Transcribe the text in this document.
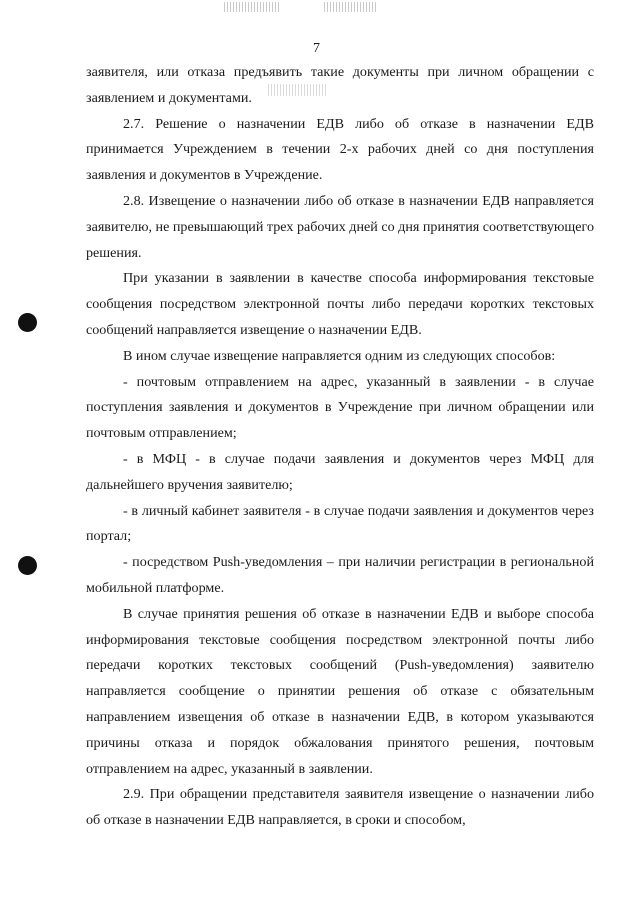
7

заявителя, или отказа предъявить такие документы при личном обращении с заявлением и документами.

2.7. Решение о назначении ЕДВ либо об отказе в назначении ЕДВ принимается Учреждением в течении 2-х рабочих дней со дня поступления заявления и документов в Учреждение.

2.8. Извещение о назначении либо об отказе в назначении ЕДВ направляется заявителю, не превышающий трех рабочих дней со дня принятия соответствующего решения.

При указании в заявлении в качестве способа информирования текстовые сообщения посредством электронной почты либо передачи коротких текстовых сообщений направляется извещение о назначении ЕДВ.

В ином случае извещение направляется одним из следующих способов:

- почтовым отправлением на адрес, указанный в заявлении - в случае поступления заявления и документов в Учреждение при личном обращении или почтовым отправлением;

- в МФЦ - в случае подачи заявления и документов через МФЦ для дальнейшего вручения заявителю;

- в личный кабинет заявителя - в случае подачи заявления и документов через портал;

- посредством Push-уведомления – при наличии регистрации в региональной мобильной платформе.

В случае принятия решения об отказе в назначении ЕДВ и выборе способа информирования текстовые сообщения посредством электронной почты либо передачи коротких текстовых сообщений (Push-уведомления) заявителю направляется сообщение о принятии решения об отказе с обязательным направлением извещения об отказе в назначении ЕДВ, в котором указываются причины отказа и порядок обжалования принятого решения, почтовым отправлением на адрес, указанный в заявлении.

2.9. При обращении представителя заявителя извещение о назначении либо об отказе в назначении ЕДВ направляется, в сроки и способом,
